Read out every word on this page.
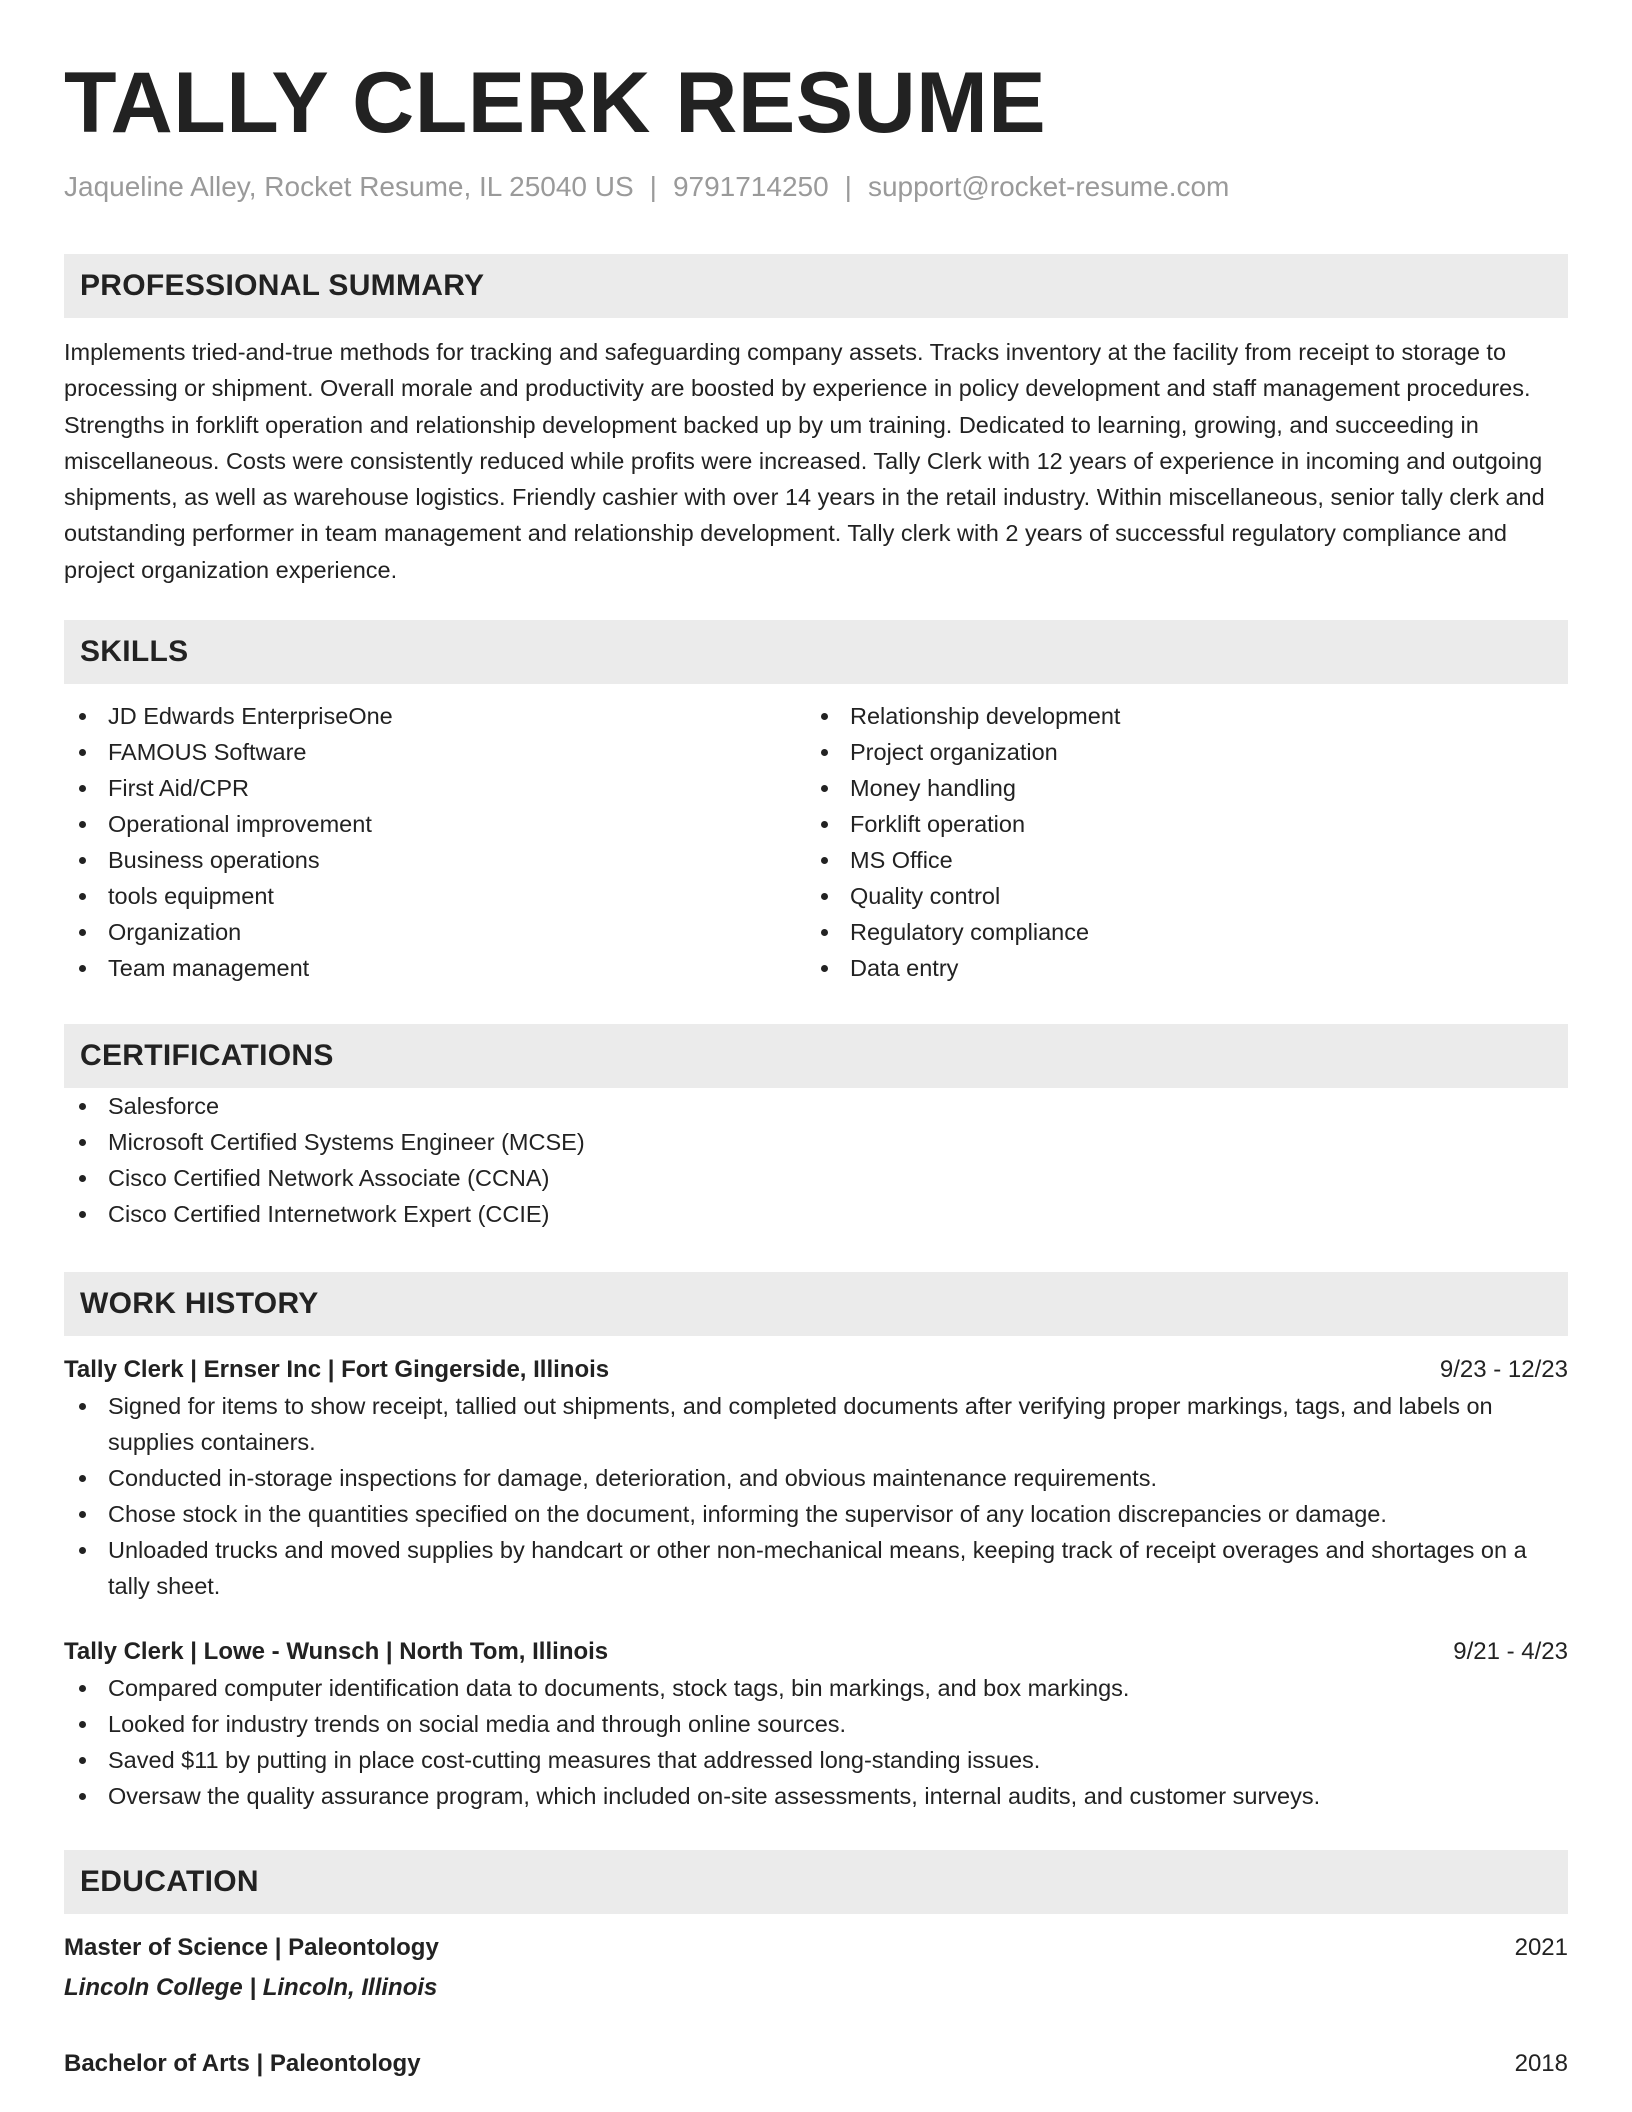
TALLY CLERK RESUME
Jaqueline Alley, Rocket Resume, IL 25040 US | 9791714250 | support@rocket-resume.com
PROFESSIONAL SUMMARY
Implements tried-and-true methods for tracking and safeguarding company assets. Tracks inventory at the facility from receipt to storage to processing or shipment. Overall morale and productivity are boosted by experience in policy development and staff management procedures. Strengths in forklift operation and relationship development backed up by um training. Dedicated to learning, growing, and succeeding in miscellaneous. Costs were consistently reduced while profits were increased. Tally Clerk with 12 years of experience in incoming and outgoing shipments, as well as warehouse logistics. Friendly cashier with over 14 years in the retail industry. Within miscellaneous, senior tally clerk and outstanding performer in team management and relationship development. Tally clerk with 2 years of successful regulatory compliance and project organization experience.
SKILLS
JD Edwards EnterpriseOne
FAMOUS Software
First Aid/CPR
Operational improvement
Business operations
tools equipment
Organization
Team management
Relationship development
Project organization
Money handling
Forklift operation
MS Office
Quality control
Regulatory compliance
Data entry
CERTIFICATIONS
Salesforce
Microsoft Certified Systems Engineer (MCSE)
Cisco Certified Network Associate (CCNA)
Cisco Certified Internetwork Expert (CCIE)
WORK HISTORY
Tally Clerk | Ernser Inc | Fort Gingerside, Illinois	9/23 - 12/23
Signed for items to show receipt, tallied out shipments, and completed documents after verifying proper markings, tags, and labels on supplies containers.
Conducted in-storage inspections for damage, deterioration, and obvious maintenance requirements.
Chose stock in the quantities specified on the document, informing the supervisor of any location discrepancies or damage.
Unloaded trucks and moved supplies by handcart or other non-mechanical means, keeping track of receipt overages and shortages on a tally sheet.
Tally Clerk | Lowe - Wunsch | North Tom, Illinois	9/21 - 4/23
Compared computer identification data to documents, stock tags, bin markings, and box markings.
Looked for industry trends on social media and through online sources.
Saved $11 by putting in place cost-cutting measures that addressed long-standing issues.
Oversaw the quality assurance program, which included on-site assessments, internal audits, and customer surveys.
EDUCATION
Master of Science | Paleontology	2021
Lincoln College | Lincoln, Illinois
Bachelor of Arts | Paleontology	2018
